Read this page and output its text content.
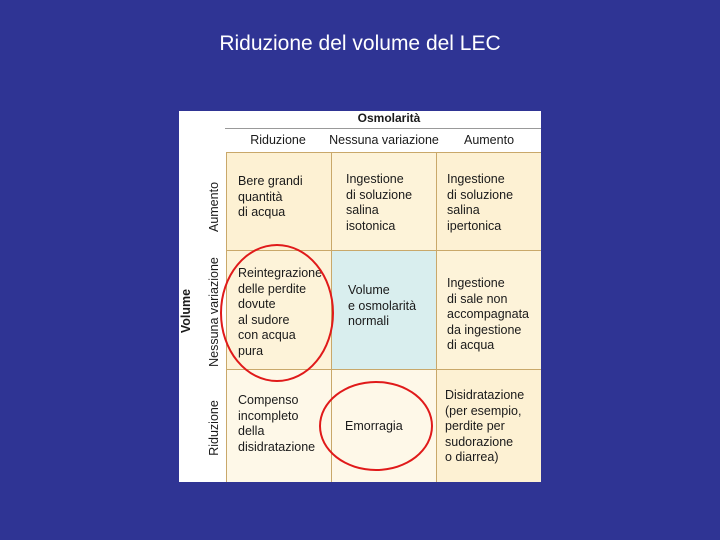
Riduzione del volume del LEC
Osmolarità
Riduzione	Nessuna variazione	Aumento
Volume
Aumento
Nessuna variazione
Riduzione
Bere grandi
quantità
di acqua
Ingestione
di soluzione
salina
isotonica
Ingestione
di soluzione
salina
ipertonica
Reintegrazione
delle perdite
dovute
al sudore
con acqua
pura
Volume
e osmolarità
normali
Ingestione
di sale non
accompagnata
da ingestione
di acqua
Compenso
incompleto
della
disidratazione
Emorragia
Disidratazione
(per esempio,
perdite per
sudorazione
o diarrea)
